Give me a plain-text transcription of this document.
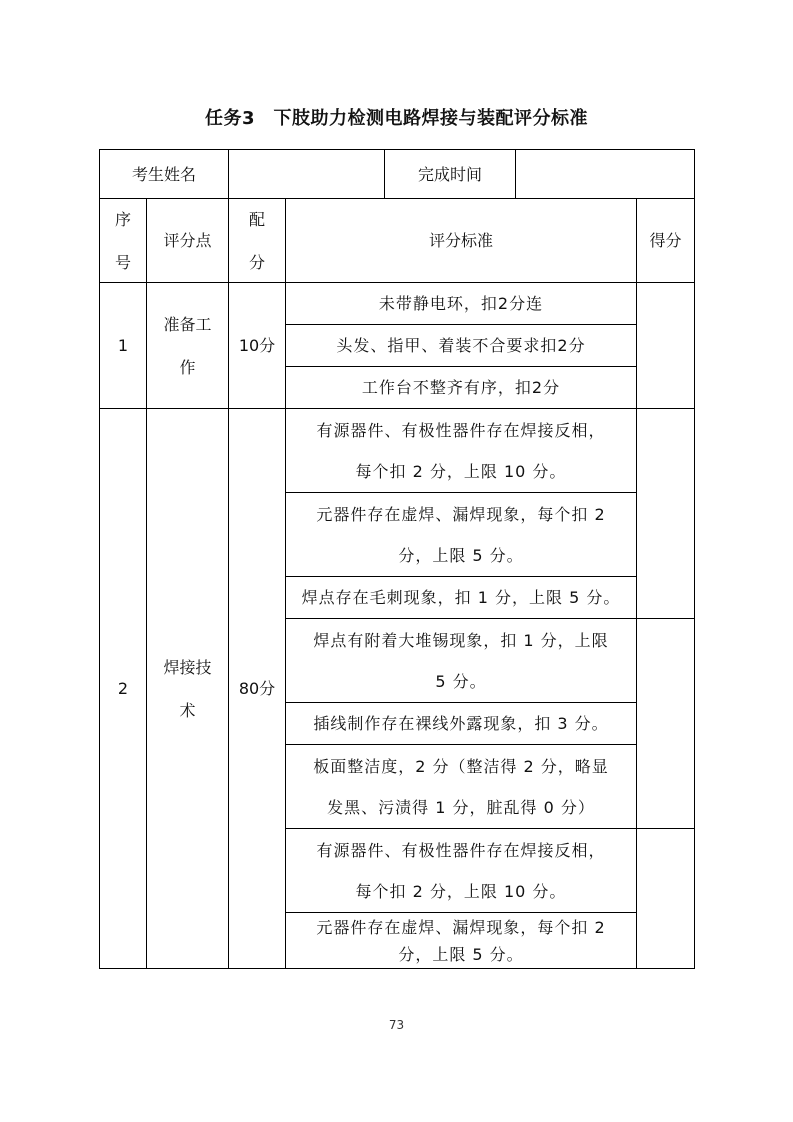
任务3　下肢助力检测电路焊接与装配评分标准
考生姓名	完成时间
序
号
评分点
配
分
评分标准	得分
1
准备工
作
10分
未带静电环，扣2分连
头发、指甲、着装不合要求扣2分
工作台不整齐有序，扣2分
2
焊接技
术
80分
有源器件、有极性器件存在焊接反相，
每个扣 2 分，上限 10 分。
元器件存在虚焊、漏焊现象，每个扣 2
分，上限 5 分。
焊点存在毛刺现象，扣 1 分，上限 5 分。
焊点有附着大堆锡现象，扣 1 分，上限
5 分。
插线制作存在裸线外露现象，扣 3 分。
板面整洁度，2 分（整洁得 2 分，略显
发黑、污渍得 1 分，脏乱得 0 分）
有源器件、有极性器件存在焊接反相，
每个扣 2 分，上限 10 分。
元器件存在虚焊、漏焊现象，每个扣 2
分，上限 5 分。
73
